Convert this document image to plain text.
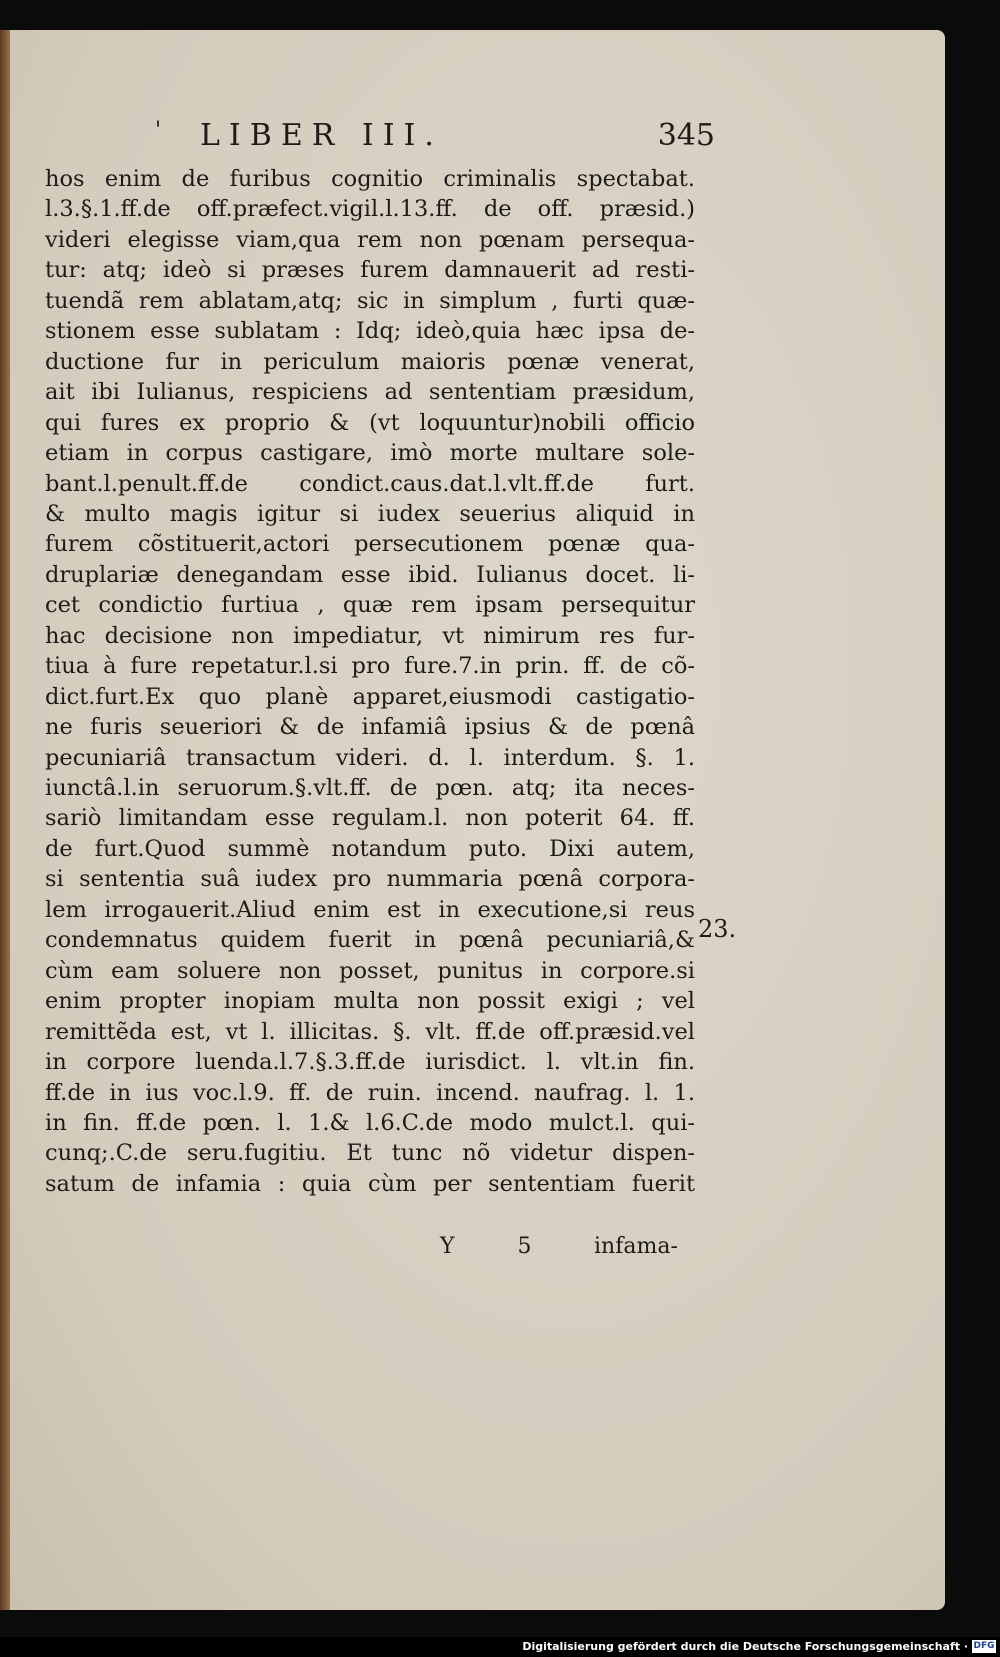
' LIBER III.	345
hos enim de furibus cognitio criminalis spectabat.
l.3.§.1.ff.de off.præfect.vigil.l.13.ff. de off. præsid.)
videri elegisse viam,qua rem non pœnam persequa-
tur: atq; ideò si præses furem damnauerit ad resti-
tuendã rem ablatam,atq; sic in simplum , furti quæ-
stionem esse sublatam : Idq; ideò,quia hæc ipsa de-
ductione fur in periculum maioris pœnæ venerat,
ait ibi Iulianus, respiciens ad sententiam præsidum,
qui fures ex proprio & (vt loquuntur)nobili officio
etiam in corpus castigare, imò morte multare sole-
bant.l.penult.ff.de condict.caus.dat.l.vlt.ff.de furt.
& multo magis igitur si iudex seuerius aliquid in
furem cõstituerit,actori persecutionem pœnæ qua-
druplariæ denegandam esse ibid. Iulianus docet. li-
cet condictio furtiua , quæ rem ipsam persequitur
hac decisione non impediatur, vt nimirum res fur-
tiua à fure repetatur.l.si pro fure.7.in prin. ff. de cõ-
dict.furt.Ex quo planè apparet,eiusmodi castigatio-
ne furis seueriori & de infamiâ ipsius & de pœnâ
pecuniariâ transactum videri. d. l. interdum. §. 1.
iunctâ.l.in seruorum.§.vlt.ff. de pœn. atq; ita neces-
sariò limitandam esse regulam.l. non poterit 64. ff.
de furt.Quod summè notandum puto. Dixi autem,
si sententia suâ iudex pro nummaria pœnâ corpora-
lem irrogauerit.Aliud enim est in executione,si reus
condemnatus quidem fuerit in pœnâ pecuniariâ,&
cùm eam soluere non posset, punitus in corpore.si
enim propter inopiam multa non possit exigi ; vel
remittẽda est, vt l. illicitas. §. vlt. ff.de off.præsid.vel
in corpore luenda.l.7.§.3.ff.de iurisdict. l. vlt.in fin.
ff.de in ius voc.l.9. ff. de ruin. incend. naufrag. l. 1.
in fin. ff.de pœn. l. 1.& l.6.C.de modo mulct.l. qui-
cunq;.C.de seru.fugitiu. Et tunc nõ videtur dispen-
satum de infamia : quia cùm per sententiam fuerit
23.
Y 5 infama-
Digitalisierung gefördert durch die Deutsche Forschungsgemeinschaft · DFG
